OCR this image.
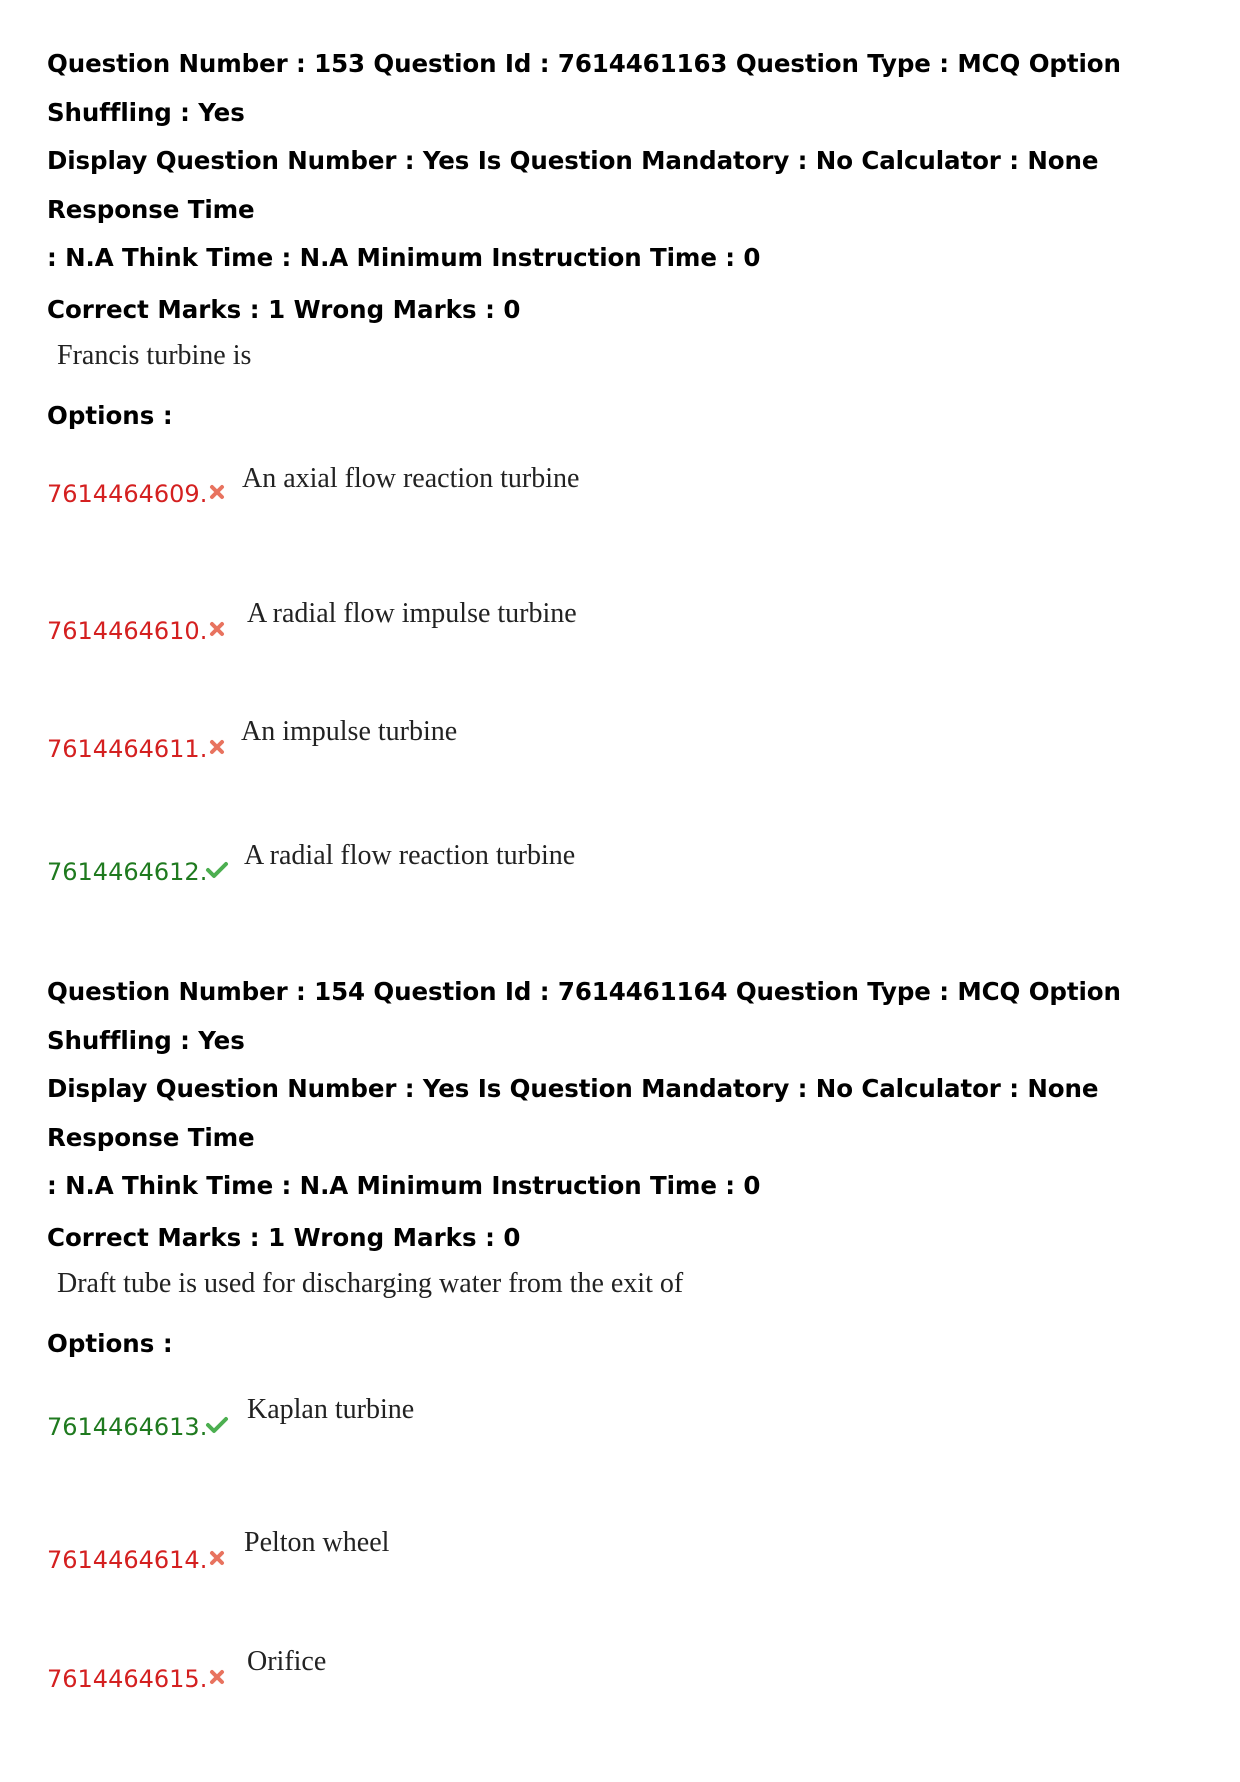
Question Number : 153 Question Id : 7614461163 Question Type : MCQ Option Shuffling : Yes

Display Question Number : Yes Is Question Mandatory : No Calculator : None Response Time

: N.A Think Time : N.A Minimum Instruction Time : 0

Correct Marks : 1 Wrong Marks : 0
Francis turbine is
Options :
7614464609. An axial flow reaction turbine
7614464610.
A radial flow impulse turbine
7614464611.
An impulse turbine
7614464612.
A radial flow reaction turbine

Question Number : 154 Question Id : 7614461164 Question Type : MCQ Option Shuffling : Yes

Display Question Number : Yes Is Question Mandatory : No Calculator : None Response Time

: N.A Think Time : N.A Minimum Instruction Time : 0

Correct Marks : 1 Wrong Marks : 0
Draft tube is used for discharging water from the exit of
Options :
7614464613.
Kaplan turbine
7614464614.
Pelton wheel
7614464615.
Orifice
